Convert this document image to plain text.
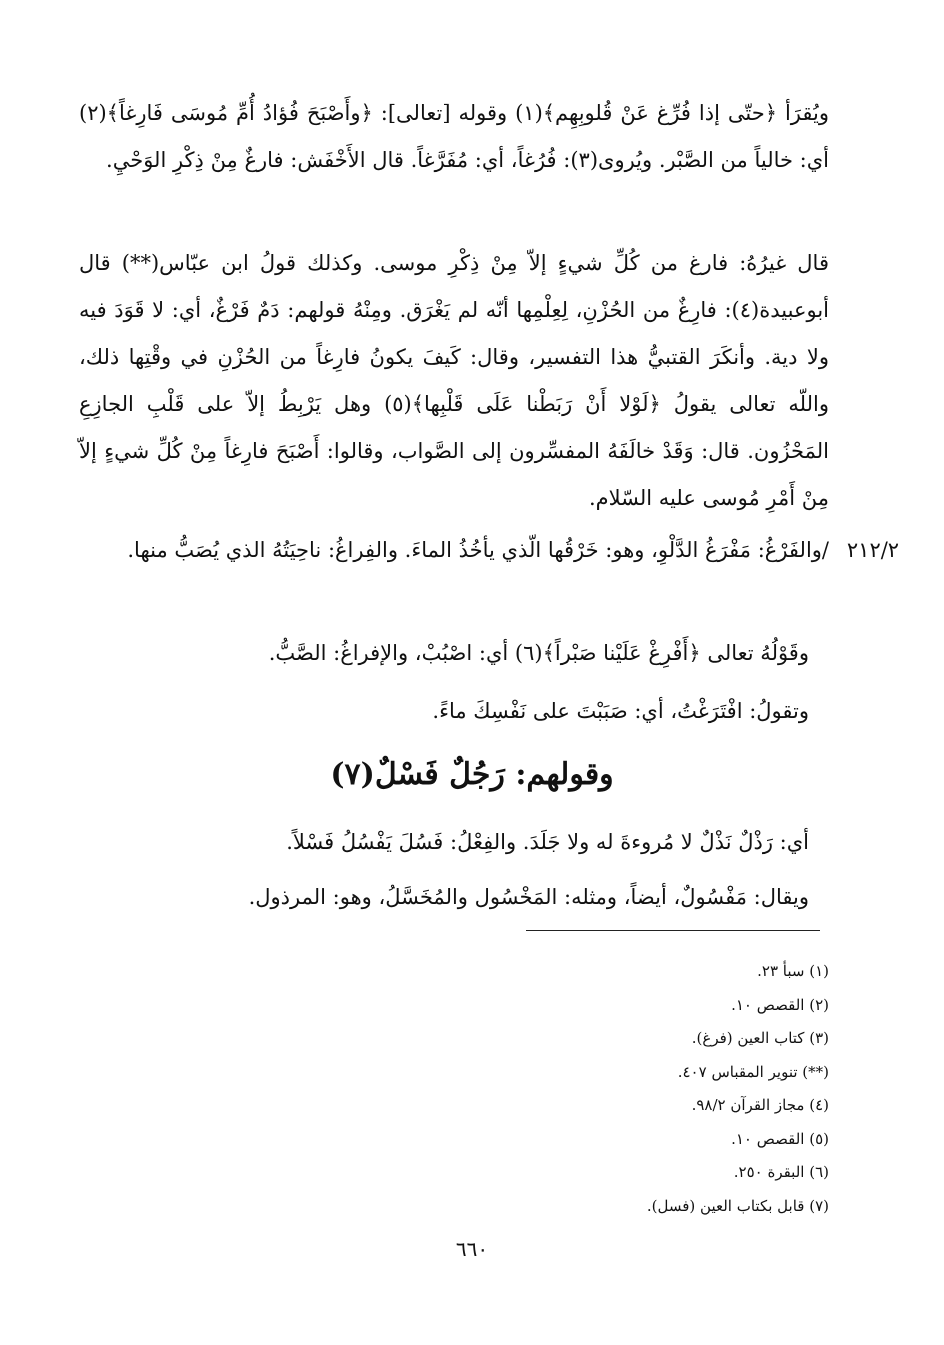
ويُقرَأ ﴿حتّى إذا فُرِّغ عَنْ قُلوبِهِم﴾(١) وقوله [تعالى]: ﴿وأَصْبَحَ فُؤادُ أُمِّ مُوسَى فَارِغاً﴾(٢) أي: خالياً من الصَّبْر. ويُروى(٣): فُرُغاً، أي: مُفَرَّغاً. قال الأَخْفَش: فارغٌ مِنْ ذِكْرِ الوَحْيِ.

قال غيرُهُ: فارغ من كُلِّ شيءٍ إلاّ مِنْ ذِكْرِ موسى. وكذلك قولُ ابن عبّاس(**) قال أبوعبيدة(٤): فارِغٌ من الحُزْنِ، لِعِلْمِها أنّه لم يَغْرَق. ومِنْهُ قولهم: دَمٌ فَرْغٌ، أي: لا قَوَدَ فيه ولا دية. وأنكَرَ القتبيُّ هذا التفسير، وقال: كَيفَ يكونُ فارِغاً من الحُزْنِ في وقْتِها ذلك، واللّه تعالى يقولُ ﴿لَوْلا أَنْ رَبَطْنا عَلَى قَلْبِها﴾(٥) وهل يَرْبِطُ إلاّ على قَلْبِ الجازِعِ المَحْزُون. قال: وَقَدْ خالَفَهُ المفسِّرون إلى الصَّواب، وقالوا: أَصْبَحَ فارِغاً مِنْ كُلِّ شيءٍ إلاّ مِنْ أَمْرِ مُوسى عليه السّلام.

٢١٢/٢

/والفَرْغُ: مَفْرَغُ الدَّلْوِ، وهو: خَرْقُها الّذي يأخُذُ الماءَ. والفِراغُ: ناحِيَتُهُ الذي يُصَبُّ منها.

وقَوْلُهُ تعالى ﴿أَفْرِغْ عَلَيْنا صَبْراً﴾(٦) أي: اصْبُبْ، والإفراغُ: الصَّبُّ.

وتقولُ: افْتَرَغْتُ، أي: صَبَبْتَ على نَفْسِكَ ماءً.

وقولهم: رَجُلٌ فَسْلٌ(٧)

أي: رَذْلٌ نَذْلٌ لا مُروءةَ له ولا جَلَدَ. والفِعْلُ: فَسُلَ يَفْسُلُ فَسْلاً.

ويقال: مَفْسُولٌ، أيضاً، ومثله: المَخْسُول والمُخَسَّلُ، وهو: المرذول.

(١) سبأ ٢٣.
(٢) القصص ١٠.
(٣) كتاب العين (فرغ).
(**) تنوير المقباس ٤٠٧.
(٤) مجاز القرآن ٩٨/٢.
(٥) القصص ١٠.
(٦) البقرة ٢٥٠.
(٧) قابل بكتاب العين (فسل).
٦٦٠
